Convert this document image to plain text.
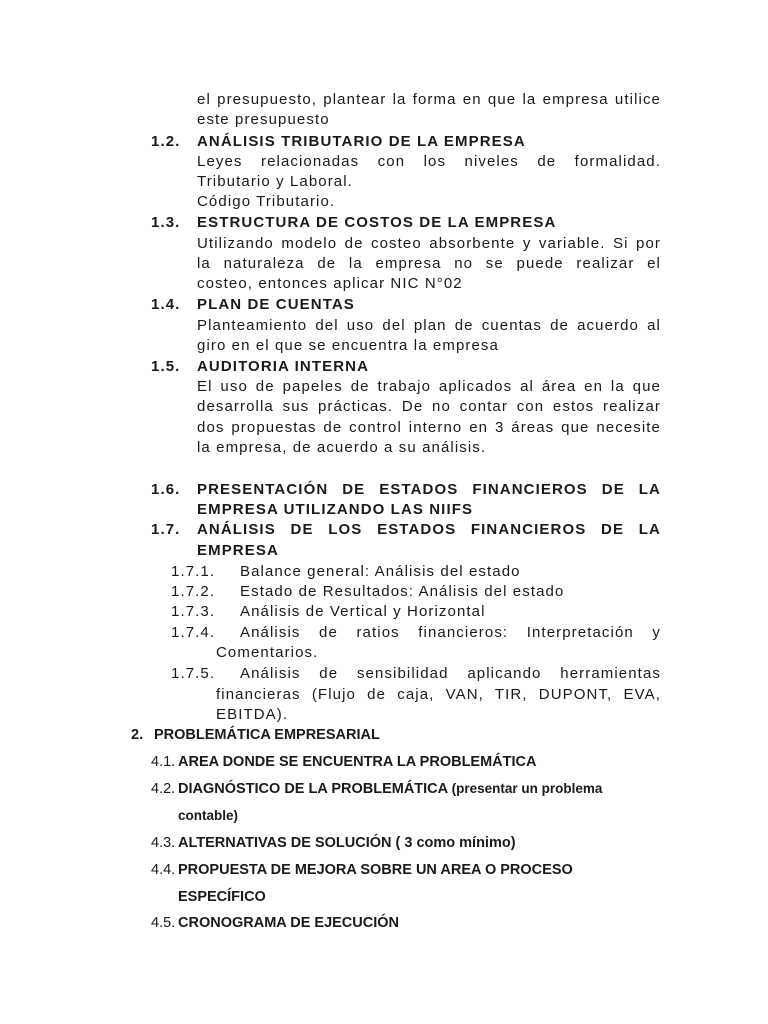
el presupuesto, plantear la forma en que la empresa utilice
este presupuesto
1.2. ANÁLISIS TRIBUTARIO DE LA EMPRESA
Leyes relacionadas con los niveles de formalidad.
Tributario y Laboral.
Código Tributario.
1.3. ESTRUCTURA DE COSTOS DE LA EMPRESA
Utilizando modelo de costeo absorbente y variable. Si por
la naturaleza de la empresa no se puede realizar el
costeo, entonces aplicar NIC N°02
1.4. PLAN DE CUENTAS
Planteamiento del uso del plan de cuentas de acuerdo al
giro en el que se encuentra la empresa
1.5. AUDITORIA INTERNA
El uso de papeles de trabajo aplicados al área en la que
desarrolla sus prácticas. De no contar con estos realizar
dos propuestas de control interno en 3 áreas que necesite
la empresa, de acuerdo a su análisis.
1.6. PRESENTACIÓN DE ESTADOS FINANCIEROS DE LA
EMPRESA UTILIZANDO LAS NIIFS
1.7. ANÁLISIS DE LOS ESTADOS FINANCIEROS DE LA
EMPRESA
1.7.1. Balance general: Análisis del estado
1.7.2. Estado de Resultados: Análisis del estado
1.7.3. Análisis de Vertical y Horizontal
1.7.4. Análisis de ratios financieros: Interpretación y
Comentarios.
1.7.5. Análisis de sensibilidad aplicando herramientas
financieras (Flujo de caja, VAN, TIR, DUPONT, EVA,
EBITDA).
2. PROBLEMÁTICA EMPRESARIAL
4.1. AREA DONDE SE ENCUENTRA LA PROBLEMÁTICA
4.2. DIAGNÓSTICO DE LA PROBLEMÁTICA (presentar un problema
contable)
4.3. ALTERNATIVAS DE SOLUCIÓN ( 3 como mínimo)
4.4. PROPUESTA DE MEJORA SOBRE UN AREA O PROCESO
ESPECÍFICO
4.5. CRONOGRAMA DE EJECUCIÓN
